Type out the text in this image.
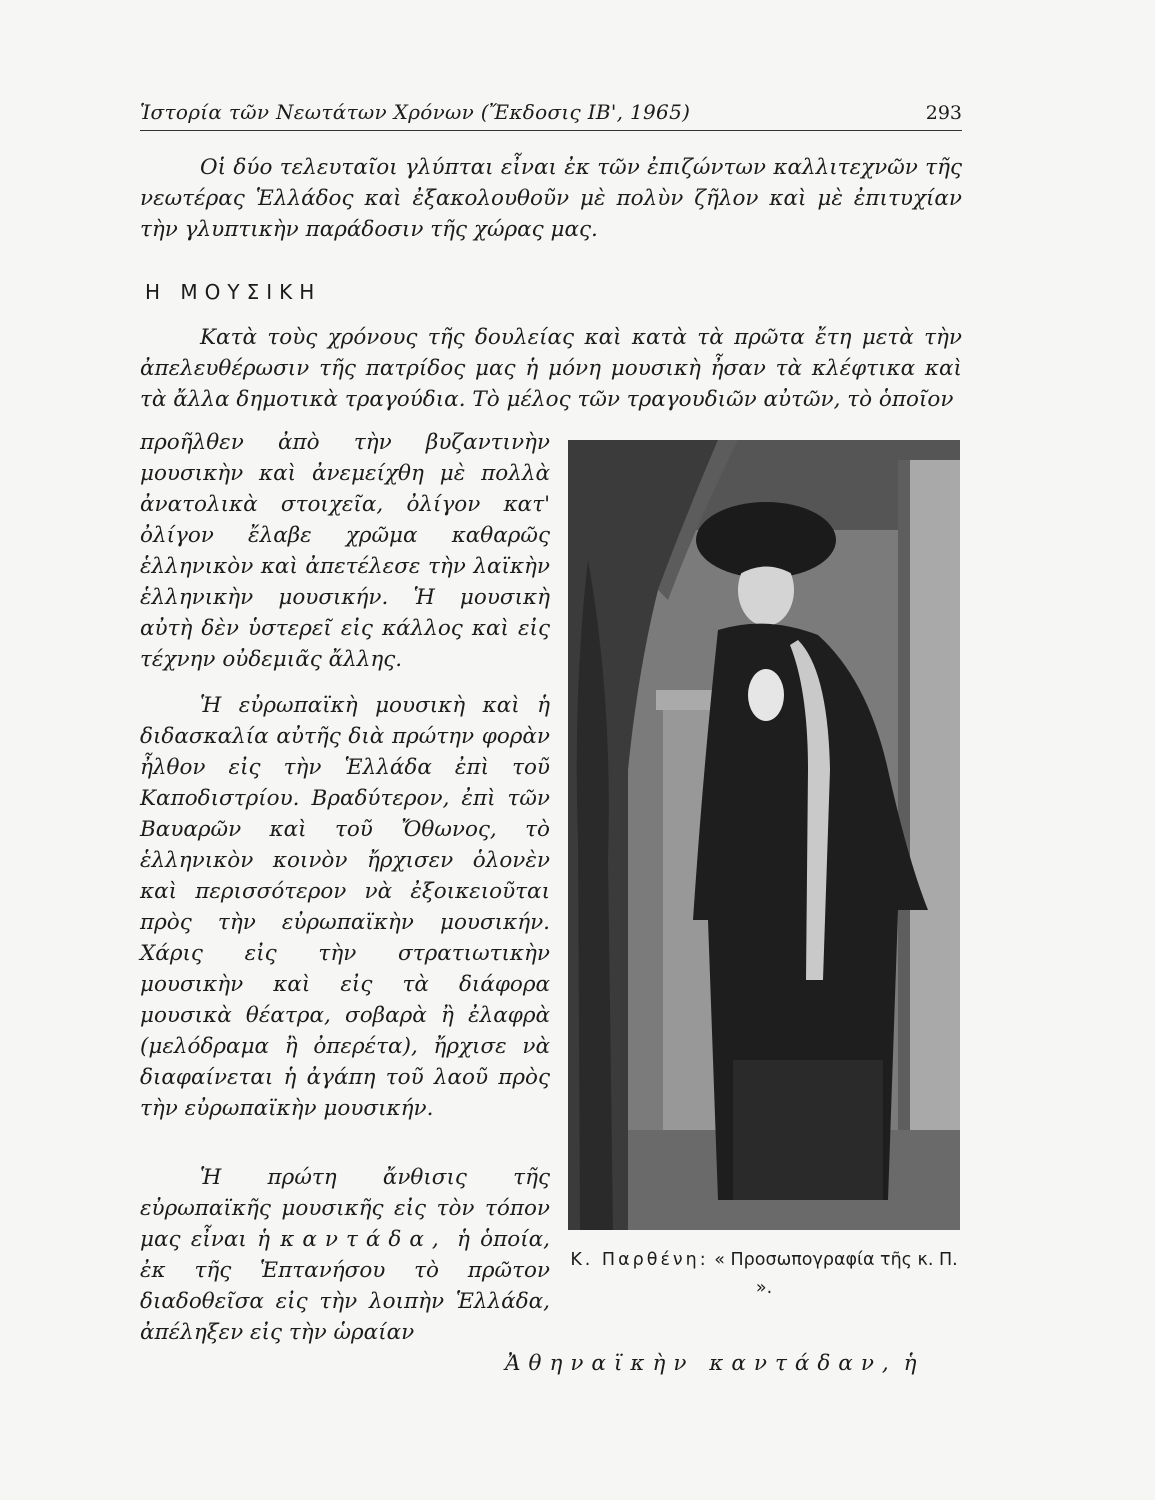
Ἱστορία τῶν Νεωτάτων Χρόνων (Ἔκδοσις ΙΒ', 1965)	293

Οἱ δύο τελευταῖοι γλύπται εἶναι ἐκ τῶν ἐπιζώντων καλλιτεχνῶν τῆς νεωτέρας Ἑλλάδος καὶ ἐξακολουθοῦν μὲ πολὺν ζῆλον καὶ μὲ ἐπιτυχίαν τὴν γλυπτικὴν παράδοσιν τῆς χώρας μας.

Η ΜΟΥΣΙΚΗ

Κατὰ τοὺς χρόνους τῆς δουλείας καὶ κατὰ τὰ πρῶτα ἔτη μετὰ τὴν ἀπελευθέρωσιν τῆς πατρίδος μας ἡ μόνη μουσικὴ ἦσαν τὰ κλέφτικα καὶ τὰ ἄλλα δημοτικὰ τραγούδια. Τὸ μέλος τῶν τραγουδιῶν αὐτῶν, τὸ ὁποῖον

προῆλθεν ἀπὸ τὴν βυζαντινὴν μουσικὴν καὶ ἀνεμείχθη μὲ πολλὰ ἀνατολικὰ στοιχεῖα, ὀλίγον κατ' ὀλίγον ἔλαβε χρῶμα καθαρῶς ἑλληνικὸν καὶ ἀπετέλεσε τὴν λαϊκὴν ἑλληνικὴν μουσικήν. Ἡ μουσικὴ αὐτὴ δὲν ὑστερεῖ εἰς κάλλος καὶ εἰς τέχνην οὐδεμιᾶς ἄλλης.

Ἡ εὐρωπαϊκὴ μουσικὴ καὶ ἡ διδασκαλία αὐτῆς διὰ πρώτην φορὰν ἦλθον εἰς τὴν Ἑλλάδα ἐπὶ τοῦ Καποδιστρίου. Βραδύτερον, ἐπὶ τῶν Βαυαρῶν καὶ τοῦ Ὄθωνος, τὸ ἑλληνικὸν κοινὸν ἤρχισεν ὁλονὲν καὶ περισσότερον νὰ ἐξοικειοῦται πρὸς τὴν εὐρωπαϊκὴν μουσικήν. Χάρις εἰς τὴν στρατιωτικὴν μουσικὴν καὶ εἰς τὰ διάφορα μουσικὰ θέατρα, σοβαρὰ ἢ ἐλαφρὰ (μελόδραμα ἢ ὀπερέτα), ἤρχισε νὰ διαφαίνεται ἡ ἀγάπη τοῦ λαοῦ πρὸς τὴν εὐρωπαϊκὴν μουσικήν.

Ἡ πρώτη ἄνθισις τῆς εὐρωπαϊκῆς μουσικῆς εἰς τὸν τόπον μας εἶναι ἡ καντάδα, ἡ ὁποία, ἐκ τῆς Ἑπτανήσου τὸ πρῶτον διαδοθεῖσα εἰς τὴν λοιπὴν Ἑλλάδα, ἀπέληξεν εἰς τὴν ὡραίαν

Ἀθηναϊκὴν καντάδαν, ἡ

Κ. Παρθένη: « Προσωπογραφία τῆς κ. Π. ».
